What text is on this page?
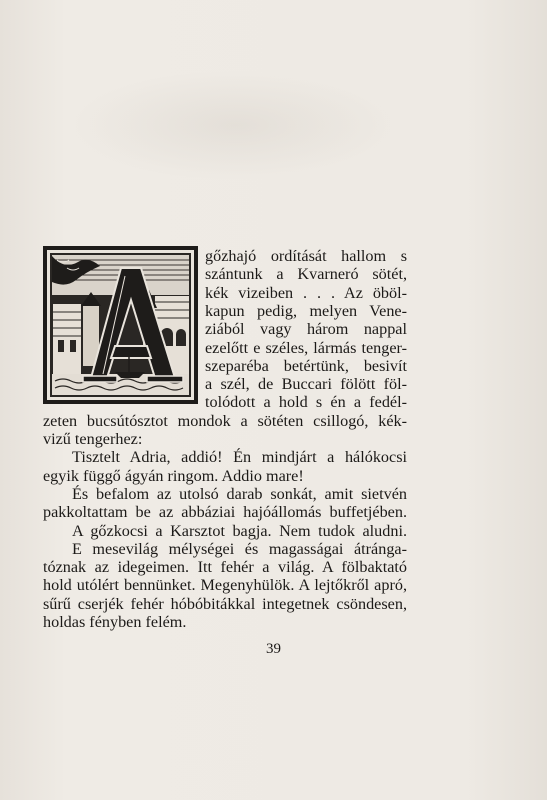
gőzhajó ordítását hallom s
szántunk a Kvarneró sötét,
kék vizeiben . . . Az öböl-
kapun pedig, melyen Vene-
ziából vagy három nappal
ezelőtt e széles, lármás tenger-
szeparéba betértünk, besivít
a szél, de Buccari fölött föl-
tolódott a hold s én a fedél-
zeten bucsútósztot mondok a sötéten csillogó, kék-
vizű tengerhez:
Tisztelt Adria, addió! Én mindjárt a hálókocsi
egyik függő ágyán ringom. Addio mare!
És befalom az utolsó darab sonkát, amit sietvén
pakkoltattam be az abbáziai hajóállomás buffetjében.
A gőzkocsi a Karsztot bagja. Nem tudok aludni.
E mesevilág mélységei és magasságai átránga-
tóznak az idegeimen. Itt fehér a világ. A fölbaktató
hold utólért bennünket. Megenyhülök. A lejtőkről apró,
sűrű cserjék fehér hóbóbitákkal integetnek csöndesen,
holdas fényben felém.
39
